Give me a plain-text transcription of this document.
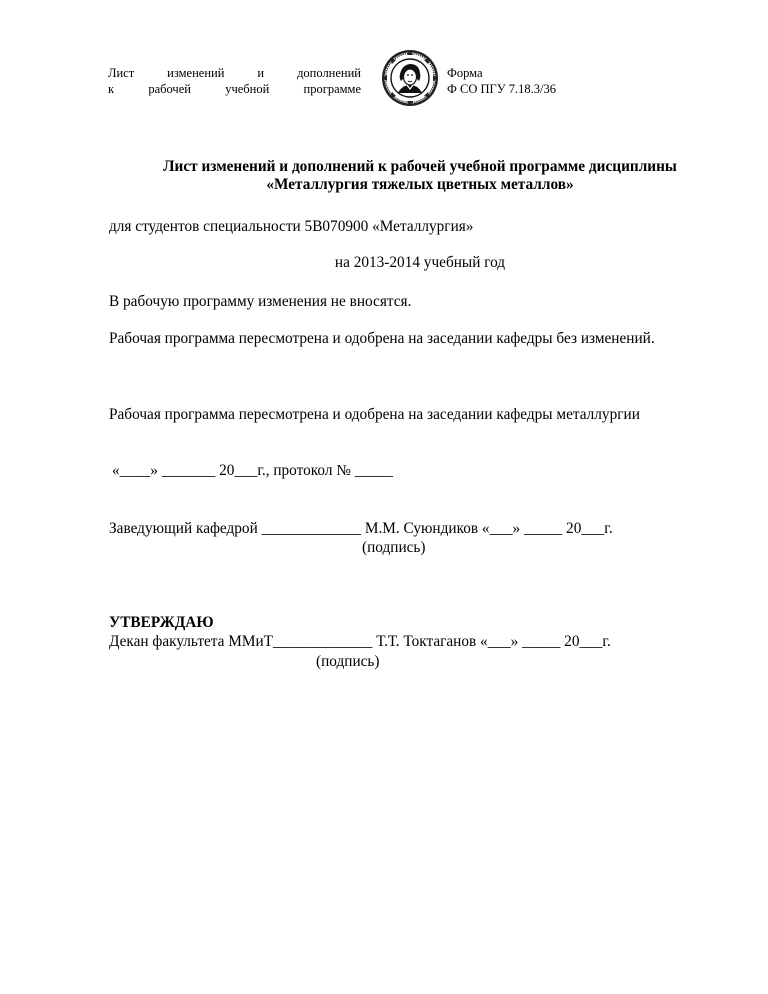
Лист	изменений	и	дополнений
к	рабочей	учебной	программе
Форма
Ф СО ПГУ 7.18.3/36
Лист изменений и дополнений к рабочей учебной программе дисциплины
«Металлургия тяжелых цветных металлов»
для студентов специальности 5В070900 «Металлургия»
на 2013-2014 учебный год
В рабочую программу изменения не вносятся.
Рабочая программа пересмотрена и одобрена на заседании кафедры без изменений.
Рабочая программа пересмотрена и одобрена на заседании кафедры металлургии
«____» _______ 20___г., протокол № _____
Заведующий кафедрой _____________ М.М. Суюндиков «___» _____ 20___г.
(подпись)
УТВЕРЖДАЮ
Декан факультета ММиТ_____________ Т.Т. Токтаганов «___» _____ 20___г.
(подпись)
